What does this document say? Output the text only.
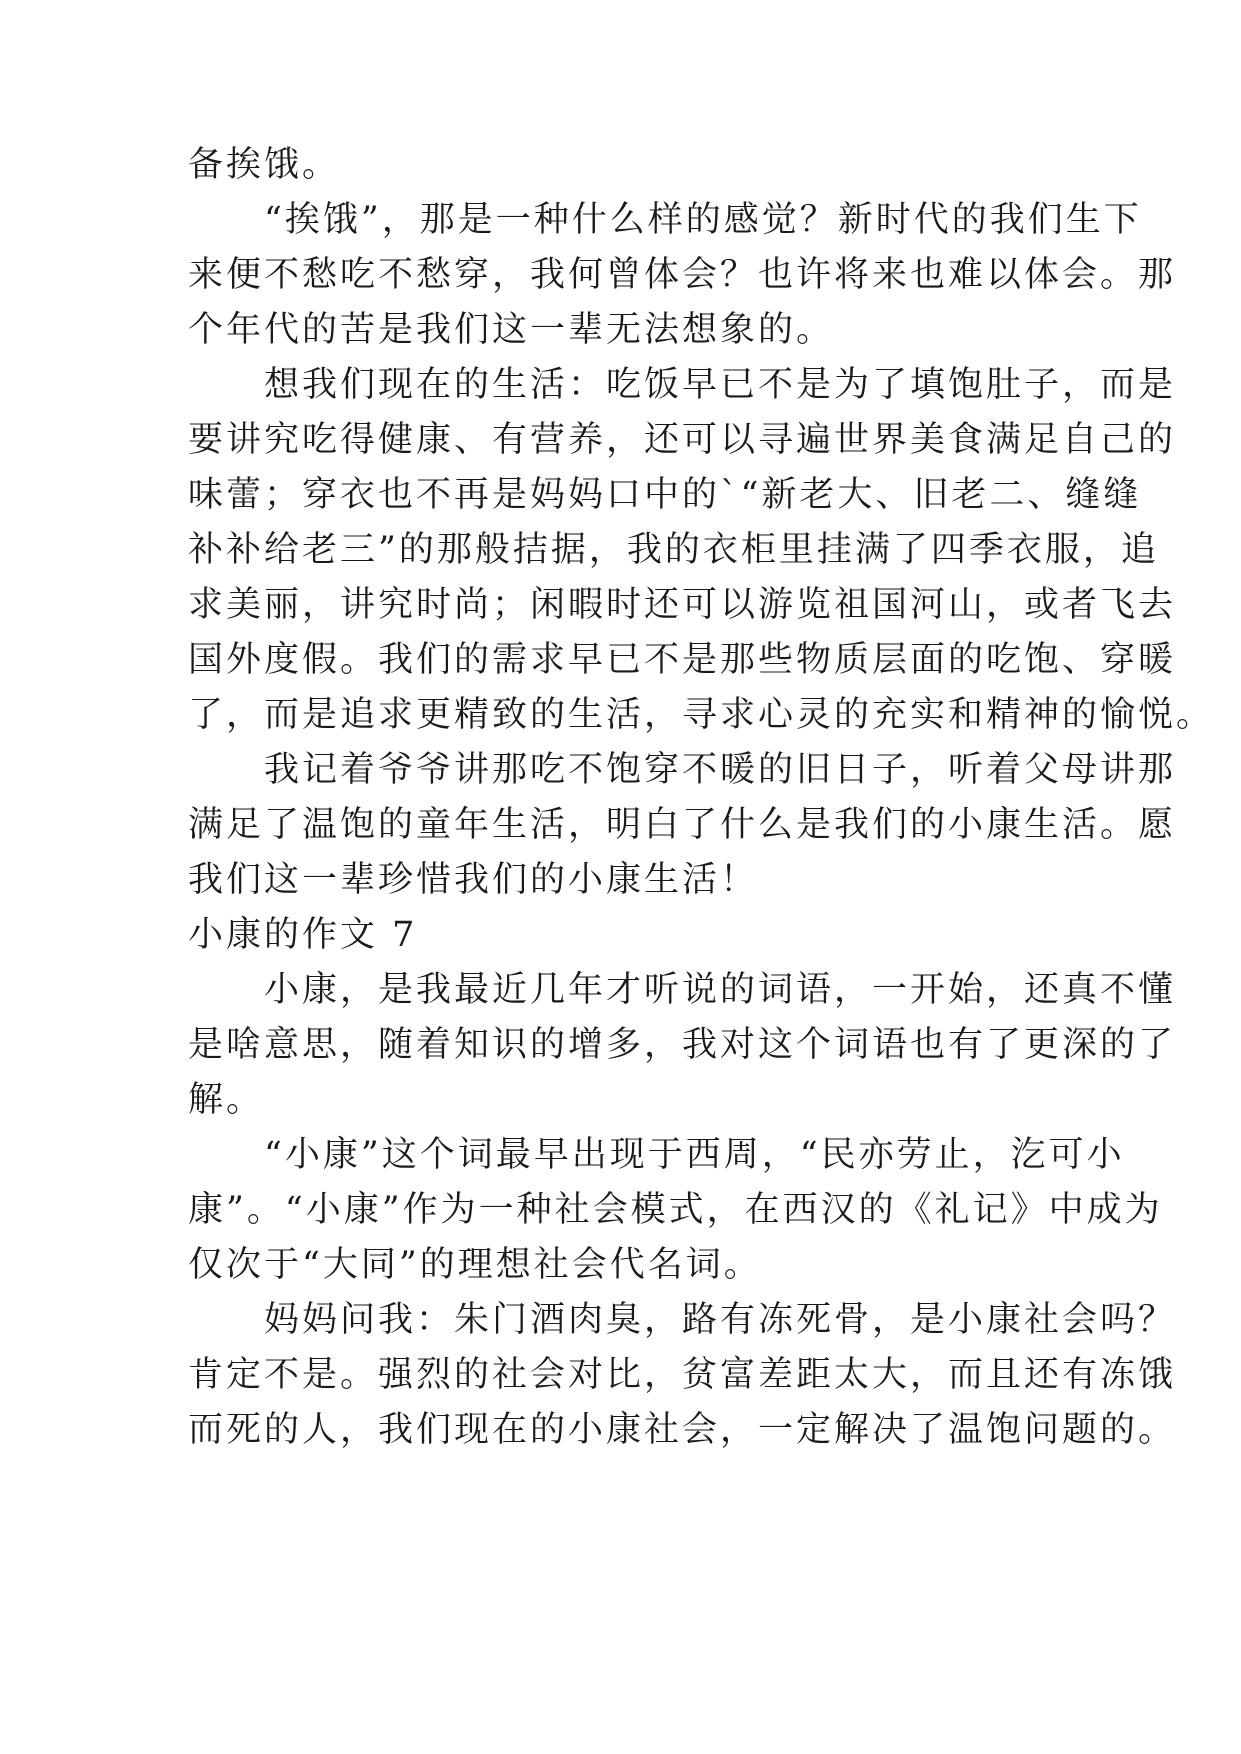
备挨饿。
　　“挨饿”，那是一种什么样的感觉？新时代的我们生下
来便不愁吃不愁穿，我何曾体会？也许将来也难以体会。那
个年代的苦是我们这一辈无法想象的。
　　想我们现在的生活：吃饭早已不是为了填饱肚子，而是
要讲究吃得健康、有营养，还可以寻遍世界美食满足自己的
味蕾；穿衣也不再是妈妈口中的`“新老大、旧老二、缝缝
补补给老三”的那般拮据，我的衣柜里挂满了四季衣服，追
求美丽，讲究时尚；闲暇时还可以游览祖国河山，或者飞去
国外度假。我们的需求早已不是那些物质层面的吃饱、穿暖
了，而是追求更精致的生活，寻求心灵的充实和精神的愉悦。
　　我记着爷爷讲那吃不饱穿不暖的旧日子，听着父母讲那
满足了温饱的童年生活，明白了什么是我们的小康生活。愿
我们这一辈珍惜我们的小康生活！
小康的作文 7
　　小康，是我最近几年才听说的词语，一开始，还真不懂
是啥意思，随着知识的增多，我对这个词语也有了更深的了
解。
　　“小康”这个词最早出现于西周，“民亦劳止，汔可小
康”。“小康”作为一种社会模式，在西汉的《礼记》中成为
仅次于“大同”的理想社会代名词。
　　妈妈问我：朱门酒肉臭，路有冻死骨，是小康社会吗？
肯定不是。强烈的社会对比，贫富差距太大，而且还有冻饿
而死的人，我们现在的小康社会，一定解决了温饱问题的。
